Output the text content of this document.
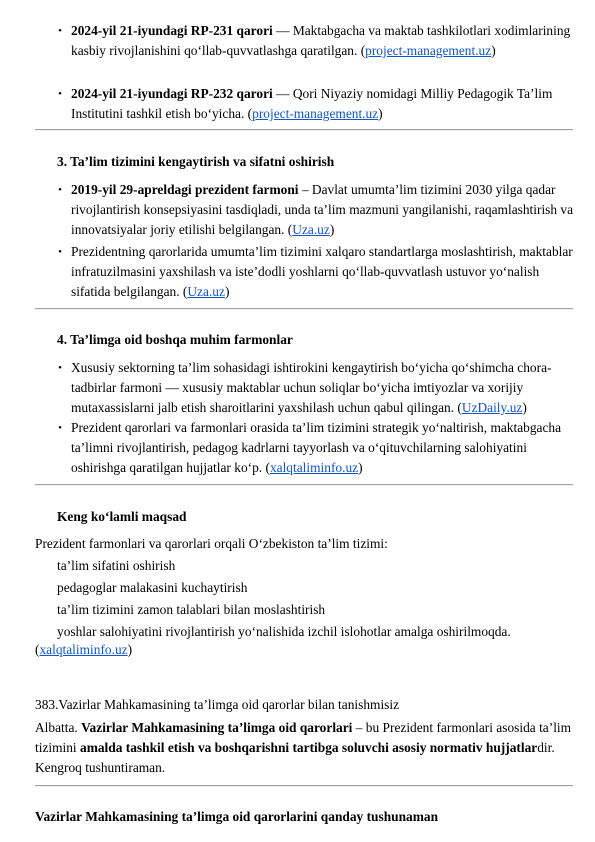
• 2024-yil 21-iyundagi RP-231 qarori — Maktabgacha va maktab tashkilotlari xodimlarining kasbiy rivojlanishini qo‘llab-quvvatlashga qaratilgan. (project-management.uz)
• 2024-yil 21-iyundagi RP-232 qarori — Qori Niyaziy nomidagi Milliy Pedagogik Ta’lim Institutini tashkil etish bo‘yicha. (project-management.uz)
3. Ta’lim tizimini kengaytirish va sifatni oshirish
• 2019-yil 29-apreldagi prezident farmoni – Davlat umumta’lim tizimini 2030 yilga qadar rivojlantirish konsepsiyasini tasdiqladi, unda ta’lim mazmuni yangilanishi, raqamlashtirish va innovatsiyalar joriy etilishi belgilangan. (Uza.uz)
• Prezidentning qarorlarida umumta’lim tizimini xalqaro standartlarga moslashtirish, maktablar infratuzilmasini yaxshilash va iste’dodli yoshlarni qo‘llab-quvvatlash ustuvor yo‘nalish sifatida belgilangan. (Uza.uz)
4. Ta’limga oid boshqa muhim farmonlar
• Xususiy sektorning ta’lim sohasidagi ishtirokini kengaytirish bo‘yicha qo‘shimcha chora-tadbirlar farmoni — xususiy maktablar uchun soliqlar bo‘yicha imtiyozlar va xorijiy mutaxassislarni jalb etish sharoitlarini yaxshilash uchun qabul qilingan. (UzDaily.uz)
• Prezident qarorlari va farmonlari orasida ta’lim tizimini strategik yo‘naltirish, maktabgacha ta’limni rivojlantirish, pedagog kadrlarni tayyorlash va o‘qituvchilarning salohiyatini oshirishga qaratilgan hujjatlar ko‘p. (xalqtaliminfo.uz)
Keng ko‘lamli maqsad
Prezident farmonlari va qarorlari orqali O‘zbekiston ta’lim tizimi:
ta’lim sifatini oshirish
pedagoglar malakasini kuchaytirish
ta’lim tizimini zamon talablari bilan moslashtirish
yoshlar salohiyatini rivojlantirish yo‘nalishida izchil islohotlar amalga oshirilmoqda.
(xalqtaliminfo.uz)
383.Vazirlar Mahkamasining ta’limga oid qarorlar bilan tanishmisiz
Albatta. Vazirlar Mahkamasining ta’limga oid qarorlari – bu Prezident farmonlari asosida ta’lim tizimini amalda tashkil etish va boshqarishni tartibga soluvchi asosiy normativ hujjatlardir. Kengroq tushuntiraman.
Vazirlar Mahkamasining ta’limga oid qarorlarini qanday tushunaman
